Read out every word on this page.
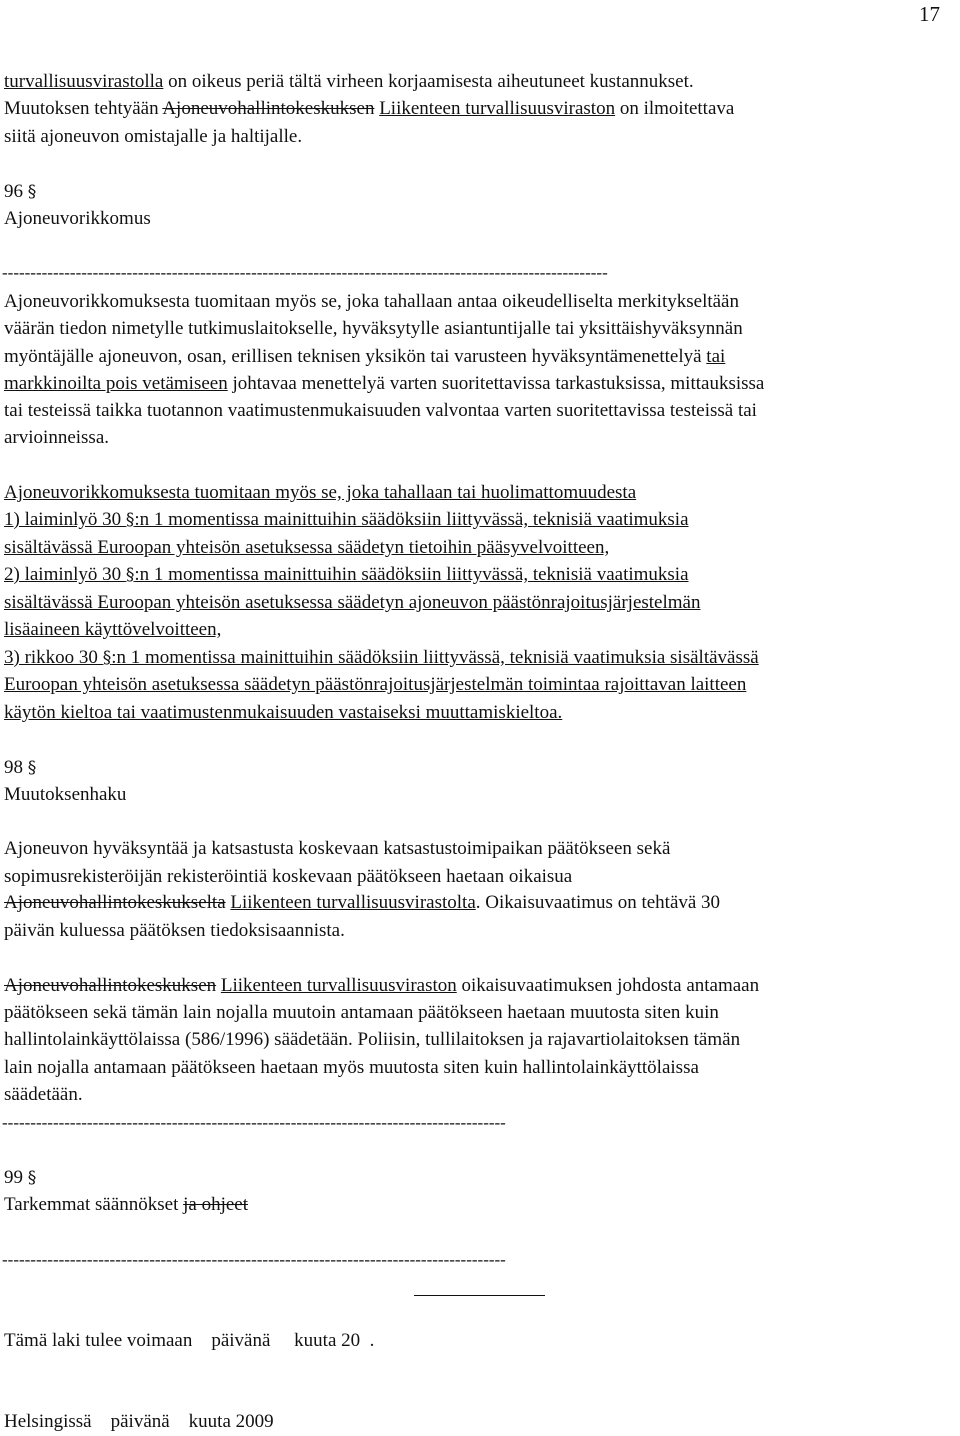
17
turvallisuusvirastolla on oikeus periä tältä virheen korjaamisesta aiheutuneet kustannukset.
Muutoksen tehtyään Ajoneuvohallintokeskuksen Liikenteen turvallisuusviraston on ilmoitettava
siitä ajoneuvon omistajalle ja haltijalle.
96 §
Ajoneuvorikkomus
-----------------------------------------------------------------------------------------------------------
Ajoneuvorikkomuksesta tuomitaan myös se, joka tahallaan antaa oikeudelliselta merkitykseltään
väärän tiedon nimetylle tutkimuslaitokselle, hyväksytylle asiantuntijalle tai yksittäishyväksynnän
myöntäjälle ajoneuvon, osan, erillisen teknisen yksikön tai varusteen hyväksyntämenettelyä tai
markkinoilta pois vetämiseen johtavaa menettelyä varten suoritettavissa tarkastuksissa, mittauksissa
tai testeissä taikka tuotannon vaatimustenmukaisuuden valvontaa varten suoritettavissa testeissä tai
arvioinneissa.
Ajoneuvorikkomuksesta tuomitaan myös se, joka tahallaan tai huolimattomuudesta
1) laiminlyö 30 §:n 1 momentissa mainittuihin säädöksiin liittyvässä, teknisiä vaatimuksia
sisältävässä Euroopan yhteisön asetuksessa säädetyn tietoihin pääsyvelvoitteen,
2) laiminlyö 30 §:n 1 momentissa mainittuihin säädöksiin liittyvässä, teknisiä vaatimuksia
sisältävässä Euroopan yhteisön asetuksessa säädetyn ajoneuvon päästönrajoitusjärjestelmän
lisäaineen käyttövelvoitteen,
3) rikkoo 30 §:n 1 momentissa mainittuihin säädöksiin liittyvässä, teknisiä vaatimuksia sisältävässä
Euroopan yhteisön asetuksessa säädetyn päästönrajoitusjärjestelmän toimintaa rajoittavan laitteen
käytön kieltoa tai vaatimustenmukaisuuden vastaiseksi muuttamiskieltoa.
98 §
Muutoksenhaku
Ajoneuvon hyväksyntää ja katsastusta koskevaan katsastustoimipaikan päätökseen sekä
sopimusrekisteröijän rekisteröintiä koskevaan päätökseen haetaan oikaisua
Ajoneuvohallintokeskukselta Liikenteen turvallisuusvirastolta. Oikaisuvaatimus on tehtävä 30
päivän kuluessa päätöksen tiedoksisaannista.
Ajoneuvohallintokeskuksen Liikenteen turvallisuusviraston oikaisuvaatimuksen johdosta antamaan
päätökseen sekä tämän lain nojalla muutoin antamaan päätökseen haetaan muutosta siten kuin
hallintolainkäyttölaissa (586/1996) säädetään. Poliisin, tullilaitoksen ja rajavartiolaitoksen tämän
lain nojalla antamaan päätökseen haetaan myös muutosta siten kuin hallintolainkäyttölaissa
säädetään.
-----------------------------------------------------------------------------------------
99 §
Tarkemmat säännökset ja ohjeet
-----------------------------------------------------------------------------------------
Tämä laki tulee voimaan    päivänä     kuuta 20  .
Helsingissä    päivänä    kuuta 2009
